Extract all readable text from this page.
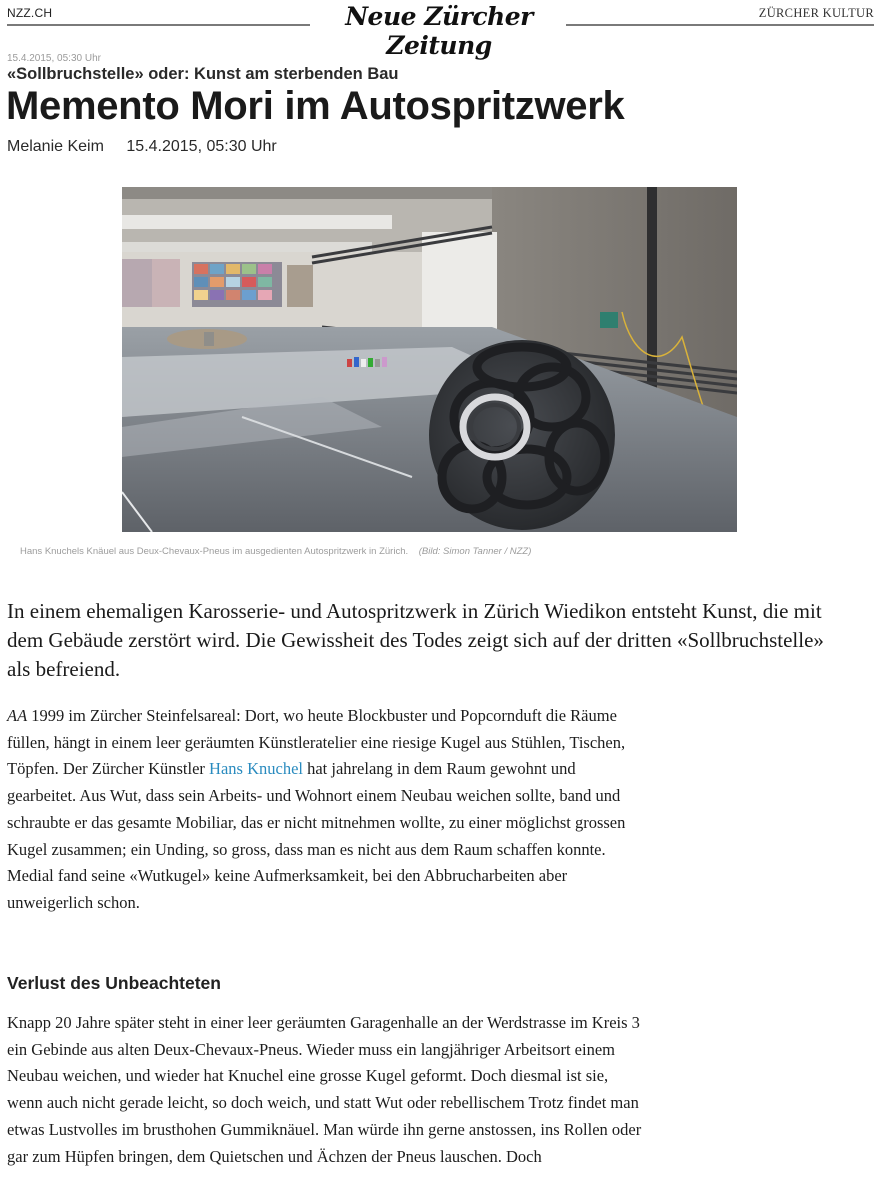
NZZ.CH	Neue Zürcher Zeitung
ZÜRCHER KULTUR
15.4.2015, 05:30 Uhr
«Sollbruchstelle» oder: Kunst am sterbenden Bau
Memento Mori im Autospritzwerk
Melanie Keim 15.4.2015, 05:30 Uhr
Hans Knuchels Knäuel aus Deux-Chevaux-Pneus im ausgedienten Autospritzwerk in Zürich. (Bild: Simon Tanner / NZZ)

In einem ehemaligen Karosserie- und Autospritzwerk in Zürich Wiedikon entsteht Kunst, die mit dem Gebäude zerstört wird. Die Gewissheit des Todes zeigt sich auf der dritten «Sollbruchstelle» als befreiend.

AA 1999 im Zürcher Steinfelsareal: Dort, wo heute Blockbuster und Popcornduft die Räume füllen, hängt in einem leer geräumten Künstleratelier eine riesige Kugel aus Stühlen, Tischen, Töpfen. Der Zürcher Künstler Hans Knuchel hat jahrelang in dem Raum gewohnt und gearbeitet. Aus Wut, dass sein Arbeits- und Wohnort einem Neubau weichen sollte, band und schraubte er das gesamte Mobiliar, das er nicht mitnehmen wollte, zu einer möglichst grossen Kugel zusammen; ein Unding, so gross, dass man es nicht aus dem Raum schaffen konnte. Medial fand seine «Wutkugel» keine Aufmerksamkeit, bei den Abbrucharbeiten aber unweigerlich schon.

Verlust des Unbeachteten

Knapp 20 Jahre später steht in einer leer geräumten Garagenhalle an der Werdstrasse im Kreis 3 ein Gebinde aus alten Deux-Chevaux-Pneus. Wieder muss ein langjähriger Arbeitsort einem Neubau weichen, und wieder hat Knuchel eine grosse Kugel geformt. Doch diesmal ist sie, wenn auch nicht gerade leicht, so doch weich, und statt Wut oder rebellischem Trotz findet man etwas Lustvolles im brusthohen Gummiknäuel. Man würde ihn gerne anstossen, ins Rollen oder gar zum Hüpfen bringen, dem Quietschen und Ächzen der Pneus lauschen. Doch
